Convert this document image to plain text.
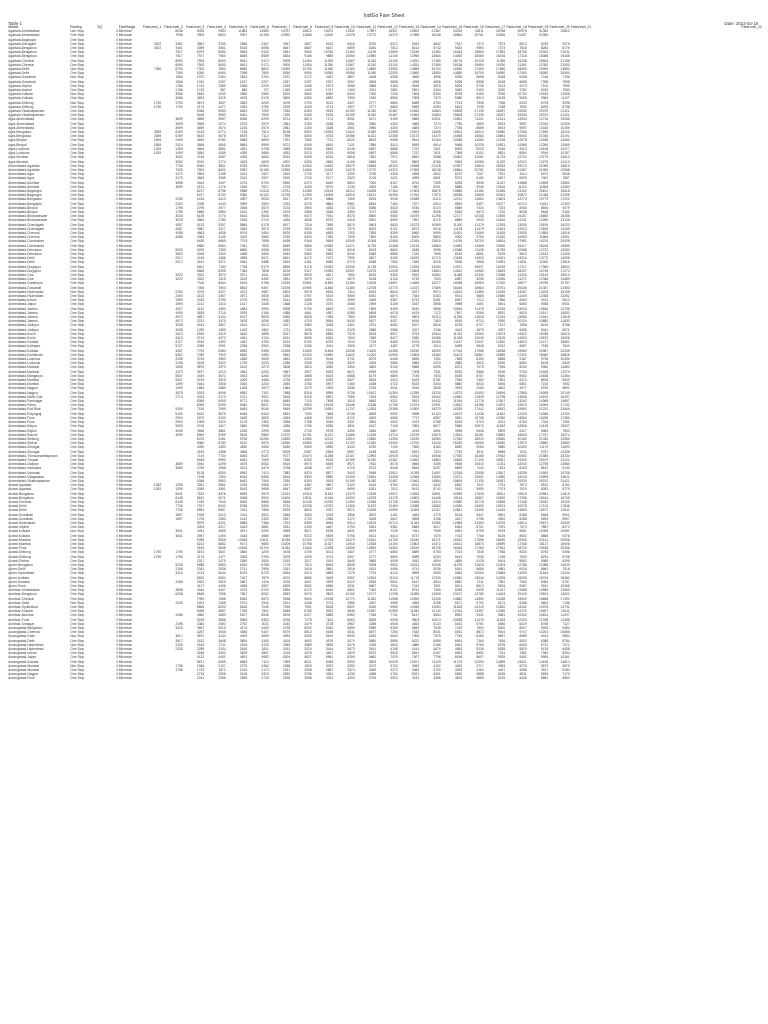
IndiGo Fare Sheet
Table 1	Date: 2023-02-18
Market	Routing	SQ	FareRange	FareLevel_1	FareLevel_2	FareLevel_3	FareLevel_4	FareLevel_5	FareLevel_6	FareLevel_7	FareLevel_8	FareLevel_9	FareLevel_10	FareLevel_11	FareLevel_12	FareLevel_13	FareLevel_14	FareLevel_15	FareLevel_16	FareLevel_17	FareLevel_18	FareLevel_19	FareLevel_20	FareLevel_21	FareLevel_22
Agartala-Ahmedabad	Non Stop	0	Minimum		8048	8335	9353	11883	12669	13757	15612	16070	17832	17897	18307	19622	21367	23226	24611	26788	30976	31362	33622		
Agartala-Ahmedabad	One Stop	0	Minimum		7006	7803	8602	9397	10196	10990	11665	11180	12078	13770	14372	17569	18248	18864	20761	20536	21357	21953			
Agartala-Bagdogra	One Stop	0	Minimum																						
Agartala-Dibrugarh	One Stop	0	Minimum	3202	3461	3561	3765	3968	4167	4367	4807	5120	5416	5760	6012	6342	6842	7047	7374	7873	8512	8763	9279		
Agartala-Bengaluru	One Stop	0	Minimum	3202	3461	3059	3561	5163	5698	6647	6887	6167	6699	6281	7512	8412	8742	9182	9990	7373	7815	8283	8779		
Agartala-Bengaluru	One Stop	0	Minimum		7917	8379	8980	9893	9130	9461	9960	10780	11360	11129	12669	13238	14369	15443	16564	17653	18705	20332	21031		
Agartala-Bengaluru	One Stop	0	Minimum		7917	7917	7960	8465	8589	8834	9165	9865	10050	10950	12100	12950	13660	14000	15065	16016	17118	18355	19345		
Agartala-Chennai	One Stop	0	Minimum		8990	7505	8053	8611	9172	9909	11454	11390	11587	11310	13130	14251	17489	18778	10125	11356	16238	25663	27156		
Agartala-Chennai	One Stop	0	Minimum		6990	7505	8053	8611	9172	9909	11454	11390	11587	11310	13130	14251	17489	18138	19654	19750	21351	22352	21933		
Agartala-Delhi	Non Stop	0	Minimum	7350	6750	7300	7850	8650	8800	10050	10790	11450	12160	13650	13950	14850	15700	16950	17450	17660	18050	20950	23850		
Agartala-Delhi	One Stop	0	Minimum		7350	6260	6950	7056	7850	8350	9050	10050	10850	11450	12050	13650	13950	14850	15700	16950	17450	18050	20950		
Agartala-Guwahati	Non Stop	0	Minimum		1566	1972	2364	2524	2764	2972	3172	3467	3897	4108	4398	4696	4996	5296	5596	6048	6498	7018	7196		
Agartala-Guwahati	One Stop	0	Minimum		1566	1310	2297	2187	2297	2297	2297	2297	3097	3696	3898	4298	4898	5298	5598	6198	6898	7398	7898		
Agartala-Imphal	One Stop	0	Minimum		1786	1743	1985	2065	2229	2435	2435	2673	3958	3666	3184	3545	3878	5206	5735	3123	4173	7100	7999		
Agartala-Imphal	One Stop	0	Minimum		1786	1743	987	683	727	1269	1440	1747	1163	2311	2561	2821	3154	3482	3103	3290	3782	6243	7083		
Agartala-Kolkata	Non Stop	0	Minimum		3956	3843	4200	4950	4965	5220	5600	6050	6000	7400	7200	7606	8250	8799	9150	9750	10700	10915	11506		
Agartala-Kolkata	One Stop	0	Minimum		3056	3692	4315	4678	5178	5800	6350	6830	7093	7630	8550	7908	7370	9380	8910	11195	9065	9964	11107		
Agartala-Shillong	Non Stop	0	Minimum	1790	1790	3673	3837	3853	4209	4478	4709	5113	3407	3777	6860	6589	6753	7213	7535	7938	8330	8793	9298		
Agartala-Shillong	One Stop	0	Minimum	1790	1790	3173	2477	3353	3769	3978	4209	4713	4907	3777	5860	5989	6253	6613	7035	7438	7830	8293	8798		
Agartala-Visakhapatnam	One Stop	0	Minimum			5348	5953	6461	7069	7630	8153	9153	10199	11430	12487	13462	14884	15608	17139	18057	19330	20070	21421		
Agartala-Visakhapatnam	One Stop	0	Minimum			5448	5953	6461	7069	7630	8153	9153	10199	11430	12487	13462	14884	15608	17139	18057	19330	20070	21421		
Agra-Ahmedabad	One Stop	0	Minimum		3699	3659	3967	5056	6299	6374	6874	7174	8051	8471	9199	9865	10531	10651	11101	12141	12633	12716	13265		
Agra-Ahmedabad	One Stop	0	Minimum		3699	3599	2074	2219	2579	2561	3150	3188	3551	3950	4303	4683	7274	7785	3559	8913	9597	10316	10259		
Agra-Ahmedabad	One Stop	0	Minimum		3699	3659	3074	2219	2579	2561	3150	3188	3551	3950	4303	4683	7274	7785	8559	8913	9597	10316	10259		
Agra-Bengaluru	One Stop	0	Minimum	3059	6159	6115	6774	7125	7514	8198	8900	10053	11622	11960	12958	13873	14658	15504	16010	15960	17066	17690	18120		
Agra-Bengaluru	One Stop	0	Minimum	3059	6159	5615	6078	6575	7114	7598	8300	9753	10056	11421	12358	13173	14470	15458	16563	18651	19000	21046	23191		
Agra-Bhopal	One Stop	0	Minimum	1809	2495	3694	5781	5983	6699	7291	7656	7721	8022	8619	9089	9614	10164	10928	11580	12148	12678	13338	14060		
Agra-Bhopal	One Stop	0	Minimum	1809	2424	3656	4800	5864	5999	5722	6349	6615	7121	7856	8113	8099	9514	9468	10239	10821	11565	12264	12865		
Agra-Lucknow	One Stop	0	Minimum	1429	1499	3654	5881	4281	4738	4965	5255	5830	6248	6697	6885	7237	7621	8009	8223	9016	9913	10156	10377		
Agra-Lucknow	One Stop	0	Minimum	1429	1499	3654	4289	4289	4685	4932	5213	5793	6056	6697	6885	7237	7621	7368	8102	8531	8854	9916	10157		
Agra-Mumbai	One Stop	0	Minimum		3052	3746	4087	4353	4683	5032	5439	6316	6818	7561	7971	8592	9268	10063	10061	11729	12722	13779	14613		
Agra-Mumbai	One Stop	0	Minimum		3052	3010	3774	4183	4609	4970	5255	5840	6108	6660	7021	8892	8768	9563	10065	11229	12222	13279	14113		
Ahmedabad-Agartala	One Stop	0	Minimum		7728	8354	8811	9783	10554	11400	12453	14153	15579	16845	18200	19898	21225	22997	24804	26053	29070	31056	34810		
Ahmedabad-Agartala	One Stop	0	Minimum		7006	7803	8602	9397	10196	10990	11665	11180	12078	13770	14372	17569	18248	18864	20761	20536	21357	21953	22968		
Ahmedabad-Agra	One Stop	0	Minimum		4179	3563	2195	2161	2527	2515	2720	3177	3250	3795	4305	4998	5602	6070	7067	7521	8114	8470	9006		
Ahmedabad-Agra	One Stop	0	Minimum		4179	3663	2965	2161	2527	2515	2720	3177	3320	3716	4021	4599	5691	5372	6182	6927	6929	7467	7887		
Ahmedabad-Amritsar	One Stop	0	Minimum		3698	4444	4447	4724	5700	5990	6170	6440	6802	7000	8107	8751	7395	8295	9535	11247	11688	12699	13560		
Ahmedabad-Amritsar	One Stop	0	Minimum		3699	3131	2176	2345	2527	2725	3405	5070	4130	4094	7166	7857	8251	8885	9246	10616	11110	11808	12653		
Ahmedabad-Bagdogra	One Stop	0	Minimum			8217	8796	9588	10118	10751	11089	13149	15212	16395	17183	17609	18876	19689	21180	21655	24102	26612	28116		
Ahmedabad-Bagdogra	One Stop	0	Minimum			8217	8730	9350	10120	10735	11399	15305	16519	15121	16395	17910	17670	18938	19859	20061	20872	21465	22395		
Ahmedabad-Bengaluru	One Stop	0	Minimum		2250	2416	4410	4597	5033	5517	6074	6566	7069	8293	9046	10088	11110	12011	12852	13603	14774	15773	17022		
Ahmedabad-Bengaluru	One Stop	0	Minimum		2250	2498	4440	3999	3993	4763	5275	5860	5961	6819	7454	7877	8314	8894	9497	10077	10710	11611	12403		
Ahmedabad-Bhopal	One Stop	0	Minimum		1795	2799	2977	3468	3570	3716	3994	4263	4733	5086	5423	5780	6173	6589	7034	7324	8050	8606	9079		
Ahmedabad-Bhopal	One Stop	0	Minimum		1795	3666	2854	2151	2396	2575	2956	3186	3453	3737	4085	4555	5098	5345	5673	7192	8038	8648	9166		
Ahmedabad-Bhubaneswar	One Stop	0	Minimum		3026	6135	4770	5163	5548	5991	6472	7061	8078	8800	9080	10075	11298	12177	13138	13539	15157	16650	18256		
Ahmedabad-Bhubaneswar	One Stop	0	Minimum		3026	3564	2780	3026	3719	4180	4836	5370	6118	6901	8959	7557	8175	8889	9933	10616	11131	12050	13138		
Ahmedabad-Chandigarh	One Stop	0	Minimum		4087	5132	5357	5865	6178	6577	7318	7959	8870	9803	9633	10273	10959	11200	11279	12393	13530	15194	16223		
Ahmedabad-Chandigarh	One Stop	0	Minimum		4087	3587	3217	3383	3673	3759	3923	4196	7070	8022	8121	8072	9016	11135	11379	12624	12613	13539	14439		
Ahmedabad-Chennai	One Stop	0	Minimum		4086	4663	4838	5076	5454	5876	6335	6829	7302	7853	8399	8960	9599	10301	11069	11825	12635	13555	14516		
Ahmedabad-Chennai	One Stop	0	Minimum		4086	3063	3140	3420	3660	3780	6300	7350	7905	7800	8160	8000	8800	9200	9790	10320	10993	11864	12601		
Ahmedabad-Coimbatore	One Stop	0	Minimum			6435	6869	7379	7898	8498	9164	9849	10549	11309	12089	12926	13815	14749	15703	16824	17991	19219	20538		
Ahmedabad-Coimbatore	One Stop	0	Minimum			5880	6554	7341	7830	8649	9580	10350	11071	11739	12368	13134	13864	14362	14969	15090	15417	16016	16965		
Ahmedabad-Dehradun	One Stop	0	Minimum		5200	5200	7350	6860	6938	6910	7100	7481	8018	8109	8662	9186	9998	10368	11128	11789	12488	12722	13250		
Ahmedabad-Dehradun	One Stop	0	Minimum		3500	4049	4300	4489	4900	5043	5450	5690	6044	6383	6869	7242	7698	8145	8661	9229	9810	10413	11005		
Ahmedabad-Delhi	One Stop	0	Minimum		2017	4116	4386	4699	5071	5621	6172	7072	7990	8827	9150	10020	10713	11156	11534	12401	13316	13770	14096		
Ahmedabad-Delhi	One Stop	0	Minimum		2017	3151	3371	3461	3488	3619	4161	5080	5770	6188	7060	7460	8218	9008	9968	10951	11831	11500	12816		
Ahmedabad-Durgapur	One Stop	0	Minimum			6911	7183	7758	8179	8596	9176	10354	10930	11748	12533	13252	14050	14767	15537	16318	17117	17960	18833		
Ahmedabad-Durgapur	One Stop	0	Minimum			5866	6395	7384	7808	8376	9127	10053	10521	12275	12949	13608	13864	14512	14980	15629	16207	16745	17274		
Ahmedabad-Goa	One Stop	0	Minimum		3022	3522	3873	3971	4611	5429	5929	6617	7560	8015	9350	9810	10682	11465	12330	13058	14216	15143	15913		
Ahmedabad-Goa	One Stop	0	Minimum		3022	3022	3115	3229	3450	3591	3979	4217	4570	5138	6126	6733	7533	8387	9296	10256	11271	12348	13489		
Ahmedabad-Gorakhpur	One Stop	0	Minimum			7116	8344	9153	9768	10334	10951	11552	12266	13005	13697	14469	15277	16096	16954	17910	18977	19795	20757		
Ahmedabad-Guwahati	One Stop	0	Minimum			7006	7803	8602	9397	10196	10990	11665	11180	12078	13770	14372	17569	18248	18864	20761	20536	21357	21953		
Ahmedabad-Hyderabad	Non Stop	0	Minimum		2250	3700	4027	4472	4987	5502	5978	6615	7314	8023	8644	9227	9974	10813	11580	12439	13287	14233	15106		
Ahmedabad-Hyderabad	One Stop	0	Minimum		2250	3133	3367	3971	3935	4262	4757	5104	5555	6051	6874	7544	8163	9014	9885	10660	11449	12308	13262		
Ahmedabad-Indore	One Stop	0	Minimum		1999	2434	2790	2709	2992	3143	3485	3781	4069	4469	5367	5722	6251	6597	7212	7866	8463	9011	9613		
Ahmedabad-Jaipur	One Stop	0	Minimum		1999	2212	2413	1417	1548	1668	2128	2470	2688	2909	3169	3447	3898	3998	4451	5001	5380	5938	6531		
Ahmedabad-Jammu	One Stop	0	Minimum		4027	4132	4394	4883	4990	5308	5790	6602	7193	7809	8459	9150	9898	10643	11475	12249	13018	13846	14736		
Ahmedabad-Jammu	One Stop	0	Minimum		4999	3635	3715	3929	4156	4388	4661	4987	5285	5608	6078	6476	7172	7697	8266	8870	9520	10147	10833		
Ahmedabad-Jammu	One Stop	0	Minimum		4972	4897	5144	5472	5825	6380	6828	7096	7983	8539	9067	9604	10013	11296	11826	12434	13066	14041	14915		
Ahmedabad-Jammu	One Stop	0	Minimum		4972	3231	3370	3678	4056	4382	4703	5064	5430	5877	6437	6916	7483	8026	8713	9390	10124	10882	11653		
Ahmedabad-Jodhpur	One Stop	0	Minimum		3038	3413	2807	2613	3013	3227	3580	3438	4301	4751	5083	5107	5816	6278	6727	7197	7808	8210	8766		
Ahmedabad-Jodhpur	One Stop	0	Minimum		3038	1290	1953	1423	1562	1711	1936	2181	2429	2685	2985	3317	3766	4163	4579	4957	5496	6041	6671		
Ahmedabad-Kochi	One Stop	0	Minimum		6113	3934	4319	4610	4896	5317	5878	6555	7078	8199	8917	9793	10544	11312	12064	13073	14022	15038	16010		
Ahmedabad-Kochi	One Stop	0	Minimum		6113	3714	4073	4451	4740	5151	5695	6342	7003	7669	8417	9280	10068	11028	12049	13135	14324	15570	16926		
Ahmedabad-Kolkata	One Stop	0	Minimum		5727	4019	4392	4487	4753	5210	5750	6379	7044	7729	8483	9376	10269	11147	11937	12820	13823	14717	15651		
Ahmedabad-Kolhapur	One Stop	0	Minimum		5727	3055	2091	2296	2592	2938	3156	3411	3905	4177	4487	4778	5114	5468	5828	6212	6587	7155	7840		
Ahmedabad-Kolkata	One Stop	0	Minimum		3287	7793	8384	8983	9396	10248	11060	11806	12636	13400	14285	15230	16090	17016	17966	18938	19963	20987	22035		
Ahmedabad-Kozhikode	One Stop	0	Minimum		5287	7280	7900	8630	9280	9840	10420	10960	11600	12200	12900	13606	14380	15103	15867	16585	17320	18060	18826		
Ahmedabad-Lucknow	One Stop	0	Minimum		3198	3745	3983	4285	4539	4822	5109	5416	5741	6079	6446	6839	7252	7695	8153	8658	9187	9736	10330		
Ahmedabad-Lucknow	One Stop	0	Minimum		3198	3106	3420	1799	2033	2286	2535	2765	3020	3306	3585	3882	4223	4580	4923	5290	5684	6108	6549		
Ahmedabad-Madurai	One Stop	0	Minimum		1895	3875	2970	3123	3279	3608	3803	4060	4350	4800	5100	5588	6095	6373	7075	7935	8230	9060	11680		
Ahmedabad-Madurai	One Stop	0	Minimum		4370	3577	4213	3962	4233	4567	4907	5283	5671	6099	6539	7008	7511	8033	8586	9156	9764	10405	11070		
Ahmedabad-Mangaluru	One Stop	0	Minimum		5537	3449	3673	3913	4266	4578	4888	5153	5888	6179	6869	7149	7633	8155	8707	9360	9982	10638	11364		
Ahmedabad-Mumbai	Non Stop	0	Minimum		5537	3476	3925	4209	4466	4728	4993	5250	5527	5816	6113	6423	6751	7094	7452	7824	8213	8618	9040		
Ahmedabad-Mumbai	One Stop	0	Minimum		1499	3444	2808	3040	3230	3593	3780	3907	4169	4438	4722	5025	5344	5680	6034	6408	6801	7215	7652		
Ahmedabad-Nagpur	One Stop	0	Minimum		1499	1684	1889	1463	1672	1864	2079	2305	2538	2783	3041	3316	3608	3919	4250	4602	4977	5376	5801		
Ahmedabad-Nagpur	One Stop	0	Minimum		3575	5019	6098	6582	7102	7688	8318	8999	9728	10512	11354	12259	13230	14273	15393	16594	17883	19265	20749		
Ahmedabad-North Goa	One Stop	0	Minimum		2774	3023	3173	3471	3921	3618	5129	5837	7080	7815	8564	9513	10062	10960	11839	12796	13836	14970	16197		
Ahmedabad-Pantnagar	One Stop	0	Minimum			5085	5405	5771	6196	6649	7120	7608	8115	8652	9221	9811	10432	11094	11776	12507	13262	14066	14897		
Ahmedabad-Patna	One Stop	0	Minimum			8260	9299	8440	8621	9166	9603	10128	10646	11188	11768	12374	12991	13622	14285	14972	15670	16394	17132		
Ahmedabad-Port Blair	One Stop	0	Minimum		5190	7190	7969	8484	9046	9649	10299	10991	11737	12533	13388	14300	15279	16325	17442	18631	19892	21231	22649		
Ahmedabad-Prayagraj	One Stop	0	Minimum		5190	5312	5679	6046	6434	6832	7250	7686	8136	8605	9092	9598	10124	10670	11236	11822	12429	13056	13703		
Ahmedabad-Pune	One Stop	0	Minimum		2994	3070	3190	3449	3629	4063	4465	5192	5722	6300	6960	7717	8597	9591	10736	12050	13560	15296	17283		
Ahmedabad-Pune	One Stop	0	Minimum		2994	1909	2029	2175	2352	2556	2788	3049	3337	3654	4002	4379	4788	5229	5703	6211	6754	7334	7951		
Ahmedabad-Raipur	One Stop	0	Minimum		5505	3748	3417	3680	3998	4286	4756	5255	5811	6427	7106	7854	8677	9580	10570	11652	12836	14128	15537		
Ahmedabad-Rajkot	One Stop	0	Minimum		4095	3556	3861	1818	2299	2496	2730	2978	3250	3546	3867	4215	4591	4998	5436	5909	6417	6964	7553		
Ahmedabad-Ranchi	One Stop	0	Minimum		4095	8990	9299	9618	9989	10370	10781	11221	11686	12185	12714	13278	13875	14510	15181	15892	16643	17437	18274		
Ahmedabad-Shillong	One Stop	0	Minimum			8375	9161	9706	10250	10830	11450	12110	12810	13560	14350	15190	16080	17020	18010	19060	20160	21330	22560		
Ahmedabad-Silchar	One Stop	0	Minimum			8380	8780	9120	9570	10060	10580	11130	11720	12340	13000	13700	14440	15230	16060	16940	17870	18850	19880		
Ahmedabad-Srinagar	One Stop	0	Minimum			4090	4350	4630	4930	5250	5590	5950	6340	6750	7190	7660	8160	8690	9250	9850	10490	11170	11890		
Ahmedabad-Srinagar	One Stop	0	Minimum			4153	4358	4566	4773	5009	5267	5549	5857	6188	6543	6921	7324	7754	8211	8696	9211	9757	10335		
Ahmedabad-Thiruvananthapuram	One Stop	0	Minimum			7149	7734	8363	9021	9727	10474	11268	12107	12993	13928	14912	15946	17030	18165	19352	20592	21885	23234		
Ahmedabad-Tirupati	One Stop	0	Minimum			5448	5953	6461	7069	7630	8153	9153	10199	11430	12487	13462	14884	15608	17139	18057	19330	20070	21421		
Ahmedabad-Udaipur	One Stop	0	Minimum		3689	3944	4296	4676	5082	5515	5974	6459	6971	7510	8076	8669	9289	9936	10610	11311	12040	12796	13580		
Ahmedabad-Vadodara	One Stop	0	Minimum		3689	2765	2968	3214	3476	3758	4058	4377	4715	5072	5448	5843	6257	6690	7142	7613	8103	8612	9140		
Ahmedabad-Varanasi	One Stop	0	Minimum			6128	6530	6962	7413	7882	8370	8877	9403	9948	10512	11095	11697	12318	12958	13617	14295	14992	15708		
Ahmedabad-Vijayawada	One Stop	0	Minimum			7196	7594	8016	8456	8915	9393	9890	10406	10941	11495	12068	12660	13271	13901	14550	15218	15905	16611		
Ahmedabad-Visakhapatnam	One Stop	0	Minimum			5348	5953	6461	7069	7630	8153	9153	10199	11430	12487	13462	14884	15608	17139	18057	19330	20070	21421		
Aizawl-Agartala	One Stop	0	Minimum	1052	1295	3261	3561	3765	3968	4167	4367	4807	5120	5416	5760	6012	6342	6842	7047	7374	7873	8512	8763		
Aizawl-Agartala	One Stop	0	Minimum	1052	1295	3059	3561	5163	5698	6647	6887	6167	6699	6281	7512	8412	8742	9182	9990	7373	7815	8283	8779		
Aizawl-Bengaluru	One Stop	0	Minimum		5541	7812	8378	8959	9579	10231	10915	11631	12379	13159	13971	14815	15691	16599	17539	18511	19515	20551	21619		
Aizawl-Bengaluru	One Stop	0	Minimum		8145	8631	9071	9458	9920	10400	10911	11444	12000	12578	13179	13802	14448	15116	15807	16520	17256	18014	18795		
Aizawl-Chennai	One Stop	0	Minimum		8145	7439	7940	8450	8986	9548	10136	10750	11390	12056	12748	13466	14210	14980	15776	16598	17446	18320	19220		
Aizawl-Delhi	One Stop	0	Minimum		7706	7917	8342	8786	9250	9734	10238	10762	11306	11870	12454	13058	13682	14326	14990	15674	16378	17102	17846		
Aizawl-Delhi	One Stop	0	Minimum		7706	6553	6967	7401	7855	8329	8823	9337	9871	10425	10999	11593	12207	12841	13495	14169	14863	15577	16311		
Aizawl-Guwahati	One Stop	0	Minimum		1897	2028	2213	2411	2622	2846	3083	3333	3596	3872	4161	4463	4778	5106	5447	5801	6168	6548	6941		
Aizawl-Guwahati	One Stop	0	Minimum		1897	1793	1963	2142	2330	2527	2733	2948	3172	3405	3647	3898	4158	4427	4705	4992	5288	5593	5907		
Aizawl-Hyderabad	One Stop	0	Minimum			5979	6421	6884	7368	7873	8399	8946	9514	10103	10713	11344	11996	12669	13363	14078	14814	15571	16349		
Aizawl-Imphal	One Stop	0	Minimum			3003	3217	3443	3681	3931	4193	4467	4753	5051	5361	5683	6017	6363	6721	7091	7473	7867	8273		
Aizawl-Kolkata	Non Stop	0	Minimum		3541	4431	4695	4971	5259	5559	5871	6195	6531	6879	7239	7611	7995	8391	8799	9219	9651	10095	10551		
Aizawl-Kolkata	One Stop	0	Minimum		3541	3957	4190	4433	4686	4949	5222	5505	5798	6101	6414	6737	7070	7413	7766	8129	8502	8885	9278		
Aizawl-Mumbai	One Stop	0	Minimum			9285	9806	10348	10911	11495	12100	12726	13373	14041	14730	15440	16171	16923	17696	18490	19305	20141	20998		
Aizawl-Mumbai	One Stop	0	Minimum			8213	8682	9171	9680	10209	10758	11327	11916	12525	13154	13803	14472	15161	15870	16599	17348	18117	18906		
Aizawl-Pune	One Stop	0	Minimum			9150	9648	10166	10704	11262	11840	12438	13056	13694	14352	15030	15728	16446	17184	17942	18720	19518	20336		
Aizawl-Shillong	One Stop	0	Minimum	1790	1790	3673	3837	3853	4209	4478	4709	5113	3407	3777	6860	6589	6753	7213	7535	7938	8330	8793	9298		
Aizawl-Shillong	One Stop	0	Minimum	1790	1790	3173	2477	3353	3769	3978	4209	4713	4907	3777	5860	5989	6253	6613	7035	7438	7830	8293	8798		
Aizawl-Silchar	One Stop	0	Minimum			2317	2479	2650	2830	3019	3217	3424	3640	3865	4099	4342	4594	4855	5125	5404	5692	5989	6295		
Ajmer-Bengaluru	One Stop	0	Minimum		5228	5588	5963	6353	6758	7178	7613	8063	8528	9008	9503	10013	10538	11078	11633	12203	12788	13388	14003		
Ajmer-Delhi	One Stop	0	Minimum		2156	2341	2536	2741	2956	3181	3416	3661	3916	4181	4456	4741	5036	5341	5656	5981	6316	6661	7016		
Ajmer-Hyderabad	One Stop	0	Minimum		4419	4724	5044	5379	5729	6094	6474	6869	7279	7704	8144	8599	9069	9554	10054	10569	11099	11644	12204		
Ajmer-Kolkata	One Stop	0	Minimum			6520	6954	7407	7879	8370	8880	9409	9957	10524	11110	11715	12339	12982	13644	14325	15025	15744	16482		
Ajmer-Mumbai	One Stop	0	Minimum		3186	3402	3629	3867	4116	4376	4647	4929	5222	5526	5841	6167	6504	6852	7211	7581	7962	8354	8757		
Ajmer-Pune	One Stop	0	Minimum			4127	4406	4696	4997	5309	5632	5966	6311	6667	7034	7412	7801	8201	8612	9034	9467	9911	10366		
Amritsar-Ahmedabad	One Stop	0	Minimum		3698	4444	4447	4724	5700	5990	6170	6440	6802	7000	8107	8751	7395	8295	9535	11247	11688	12699	13560		
Amritsar-Bengaluru	One Stop	0	Minimum		6208	6645	7098	7567	8052	8553	9070	9603	10152	10717	11298	11895	12508	13137	13782	14443	15120	15813	16522		
Amritsar-Chennai	One Stop	0	Minimum			7090	7568	8062	8572	9098	9640	10198	10772	11362	11968	12590	13228	13882	14552	15238	15940	16658	17392		
Amritsar-Delhi	Non Stop	0	Minimum		2026	2243	2468	2701	2942	3191	3448	3713	3986	4267	4556	4853	5158	5471	5792	6121	6458	6803	7156		
Amritsar-Hyderabad	One Stop	0	Minimum			5806	6203	6616	7045	7490	7951	8428	8921	9430	9955	10496	11053	11626	12215	12820	13441	14078	14731		
Amritsar-Kolkata	One Stop	0	Minimum			6455	6887	7336	7802	8285	8785	9302	9836	10387	10955	11540	12142	12761	13397	14050	14720	15407	16111		
Amritsar-Mumbai	One Stop	0	Minimum		4286	4582	4889	5207	5536	5876	6227	6589	6962	7346	7741	8147	8564	8992	9431	9881	10342	10814	11297		
Amritsar-Pune	One Stop	0	Minimum			5228	5588	5963	6353	6758	7178	7613	8063	8528	9008	9503	10013	10538	11078	11633	12203	12788	13388		
Amritsar-Srinagar	One Stop	0	Minimum		2195	2384	2583	2792	3011	3240	3479	3728	3987	4256	4535	4824	5123	5432	5751	6080	6419	6768	7127		
Aurangabad-Bengaluru	One Stop	0	Minimum		3415	3657	3910	4174	4449	4735	5032	5340	5659	5989	6330	6682	7045	7419	7804	8200	8607	9025	9454		
Aurangabad-Chennai	One Stop	0	Minimum			4257	4546	4846	5157	5479	5812	6156	6511	6877	7254	7642	8041	8451	8872	9304	9747	10201	10666		
Aurangabad-Delhi	Non Stop	0	Minimum		3617	3870	4134	4409	4695	4992	5300	5619	5949	6290	6642	7005	7379	7764	8160	8567	8985	9414	9854		
Aurangabad-Delhi	One Stop	0	Minimum		3617	3412	3648	3894	4150	4416	4692	4978	5274	5580	5896	6222	6558	6904	7260	7626	8002	8388	8784		
Aurangabad-Hyderabad	Non Stop	0	Minimum		2328	2515	2711	2916	3130	3353	3585	3826	4076	4335	4603	4880	5166	5461	5765	6078	6400	6731	7071		
Aurangabad-Hyderabad	One Stop	0	Minimum		2328	2259	2434	2618	2811	3013	3224	3444	3673	3911	4158	4414	4679	4953	5236	5528	5829	6139	6458		
Aurangabad-Indore	One Stop	0	Minimum			3186	3402	3629	3867	4116	4376	4647	4929	5222	5526	5841	6167	6504	6852	7211	7581	7962	8354		
Aurangabad-Jaipur	One Stop	0	Minimum			4122	4401	4691	4992	5304	5627	5961	6306	6662	7029	7407	7796	8196	8607	9029	9462	9906	10361		
Aurangabad-Kolkata	One Stop	0	Minimum			5871	6269	6683	7113	7559	8021	8499	8993	9503	10029	10571	11129	11703	12293	12899	13521	14159	14813		
Aurangabad-Mumbai	Non Stop	0	Minimum		1798	1948	2107	2275	2452	2638	2833	3037	3250	3472	3703	3943	4192	4450	4717	4993	5278	5572	5875		
Aurangabad-Mumbai	One Stop	0	Minimum		1798	1733	1872	2019	2174	2337	2508	2687	2874	3069	3272	3483	3702	3929	4164	4407	4658	4917	5184		
Aurangabad-Nagpur	One Stop	0	Minimum			2716	2906	3105	3313	3530	3756	3991	4235	4488	4750	5021	5301	5590	5888	6195	6511	6836	7170		
Aurangabad-Pune	One Stop	0	Minimum			2241	2396	2559	2730	2909	3096	3291	3494	3705	3924	4151	4386	4629	4880	5139	5406	5681	5964		
